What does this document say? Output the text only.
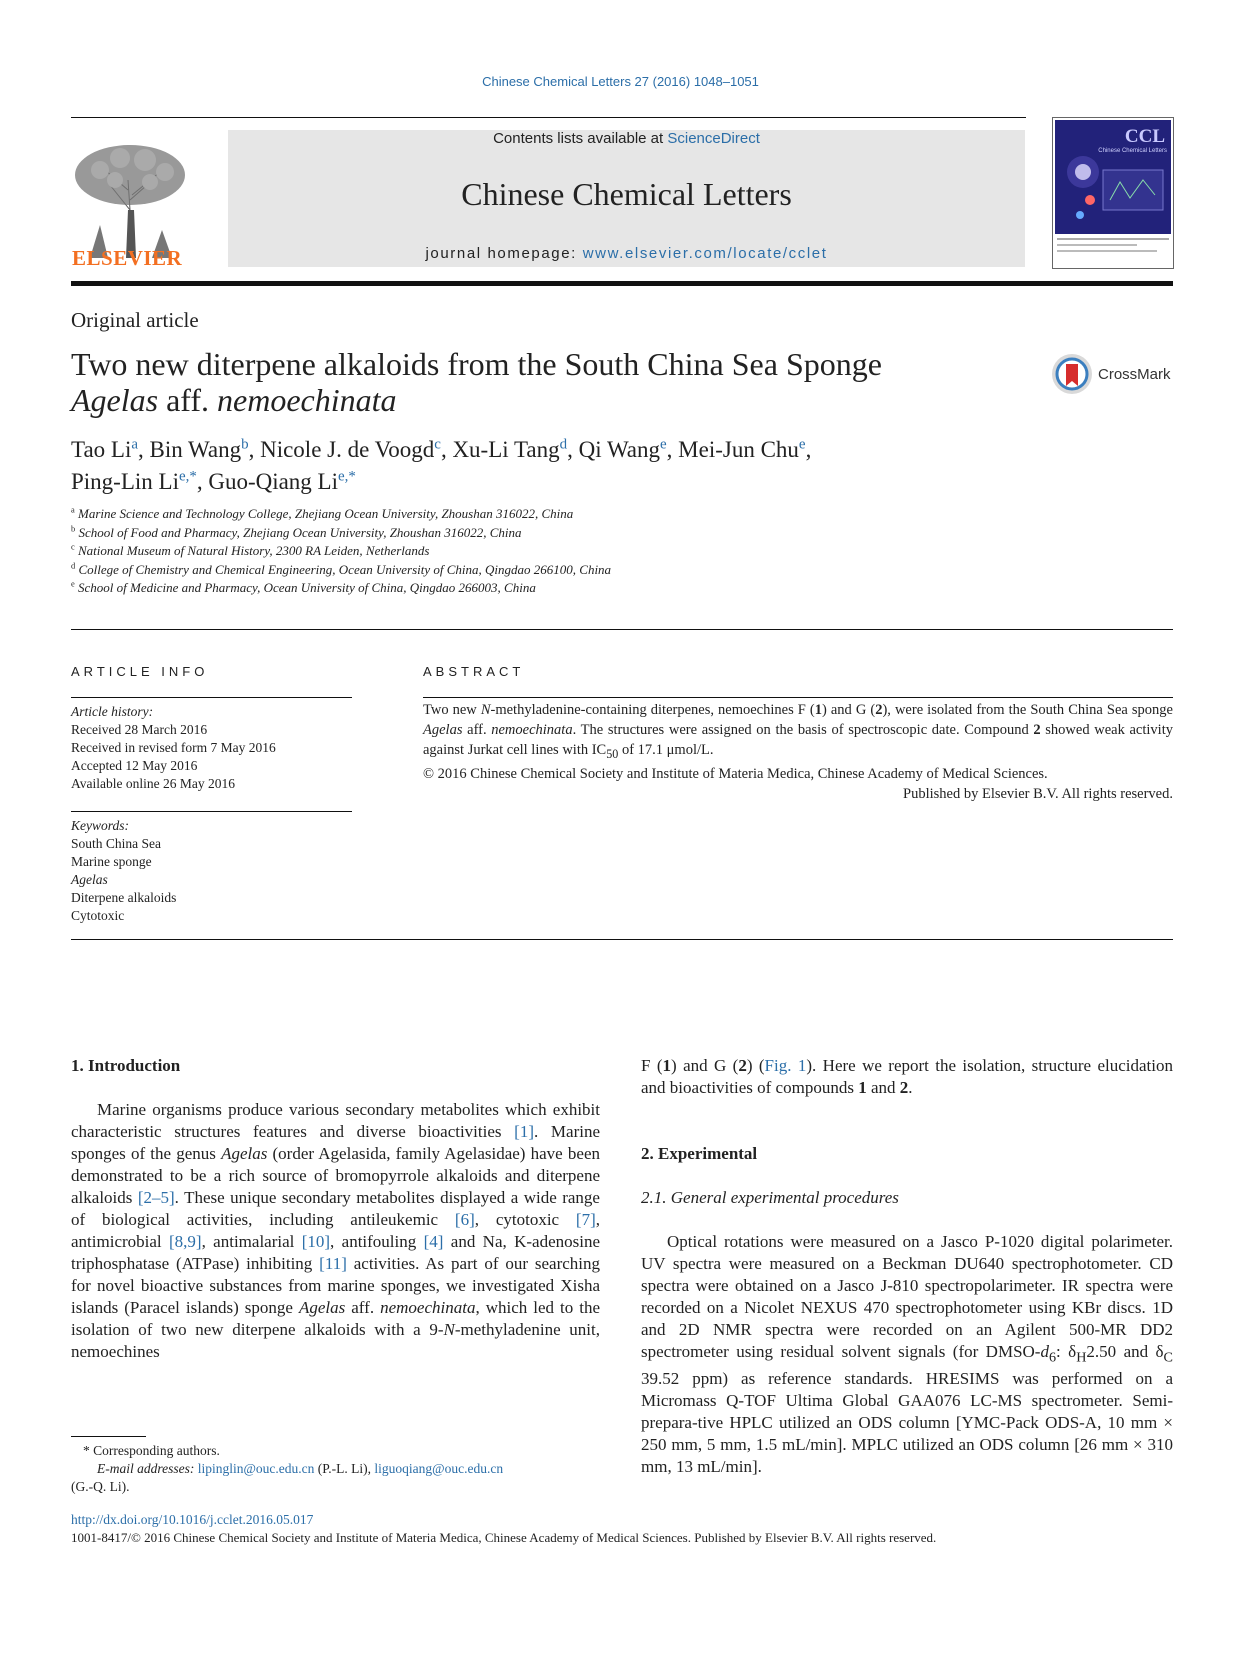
Chinese Chemical Letters 27 (2016) 1048–1051
ELSEVIER
Contents lists available at ScienceDirect
Chinese Chemical Letters
journal homepage: www.elsevier.com/locate/cclet
CCL
Chinese Chemical Letters
Original article
Two new diterpene alkaloids from the South China Sea Sponge
Agelas aff. nemoechinata
CrossMark
Tao Li$^a$, Bin Wang$^b$, Nicole J. de Voogd$^c$, Xu-Li Tang$^d$, Qi Wang$^e$, Mei-Jun Chu$^e$,
Ping-Lin $Li^{e,*}$, Guo-Qiang $Li^{e,*}$
$^a$ Marine Science and Technology College, Zhejiang Ocean University, Zhoushan 316022, China
$^b$ School of Food and Pharmacy, Zhejiang Ocean University, Zhoushan 316022, China
$^c$ National Museum of Natural History, 2300 RA Leiden, Netherlands
$^d$ College of Chemistry and Chemical Engineering, Ocean University of China, Qingdao 266100, China
$^e$ School of Medicine and Pharmacy, Ocean University of China, Qingdao 266003, China
ARTICLE INFO
Article history:
Received 28 March 2016
Received in revised form 7 May 2016
Accepted 12 May 2016
Available online 26 May 2016
Keywords:
South China Sea
Marine sponge
Agelas
Diterpene alkaloids
Cytotoxic
ABSTRACT
Two new N-methyladenine-containing diterpenes, nemoechines F (1) and G (2), were isolated from the South China Sea sponge Agelas aff. nemoechinata. The structures were assigned on the basis of spectroscopic date. Compound 2 showed weak activity against Jurkat cell lines with $IC_{50}$ of 17.1 μmol/L.
© 2016 Chinese Chemical Society and Institute of Materia Medica, Chinese Academy of Medical Sciences.
Published by Elsevier B.V. All rights reserved.
1. Introduction
Marine organisms produce various secondary metabolites which exhibit characteristic structures features and diverse bioactivities [1]. Marine sponges of the genus Agelas (order Agelasida, family Agelasidae) have been demonstrated to be a rich source of bromopyrrole alkaloids and diterpene alkaloids [2–5]. These unique secondary metabolites displayed a wide range of biological activities, including antileukemic [6], cytotoxic [7], antimicrobial [8,9], antimalarial [10], antifouling [4] and Na, K-adenosine triphosphatase (ATPase) inhibiting [11] activities. As part of our searching for novel bioactive substances from marine sponges, we investigated Xisha islands (Paracel islands) sponge Agelas aff. nemoechinata, which led to the isolation of two new diterpene alkaloids with a 9-N-methyladenine unit, nemoechines
* Corresponding authors.
E-mail addresses: lipinglin@ouc.edu.cn (P.-L. Li), liguoqiang@ouc.edu.cn
(G.-Q. Li).
F (1) and G (2) (Fig. 1). Here we report the isolation, structure elucidation and bioactivities of compounds 1 and 2.
2. Experimental
2.1. General experimental procedures
Optical rotations were measured on a Jasco P-1020 digital polarimeter. UV spectra were measured on a Beckman DU640 spectrophotometer. CD spectra were obtained on a Jasco J-810 spectropolarimeter. IR spectra were recorded on a Nicolet NEXUS 470 spectrophotometer using KBr discs. 1D and 2D NMR spectra were recorded on an Agilent 500-MR DD2 spectrometer using residual solvent signals (for DMSO-$d_6$: $\delta_H2.50$ and $\delta_C$ 39.52 ppm) as reference standards. HRESIMS was performed on a Micromass Q-TOF Ultima Global GAA076 LC-MS spectrometer. Semi-prepara-tive HPLC utilized an ODS column [YMC-Pack ODS-A, 10 mm × 250 mm, 5 mm, 1.5 mL/min]. MPLC utilized an ODS column [26 mm × 310 mm, 13 mL/min].
http://dx.doi.org/10.1016/j.cclet.2016.05.017
1001-8417/© 2016 Chinese Chemical Society and Institute of Materia Medica, Chinese Academy of Medical Sciences. Published by Elsevier B.V. All rights reserved.
